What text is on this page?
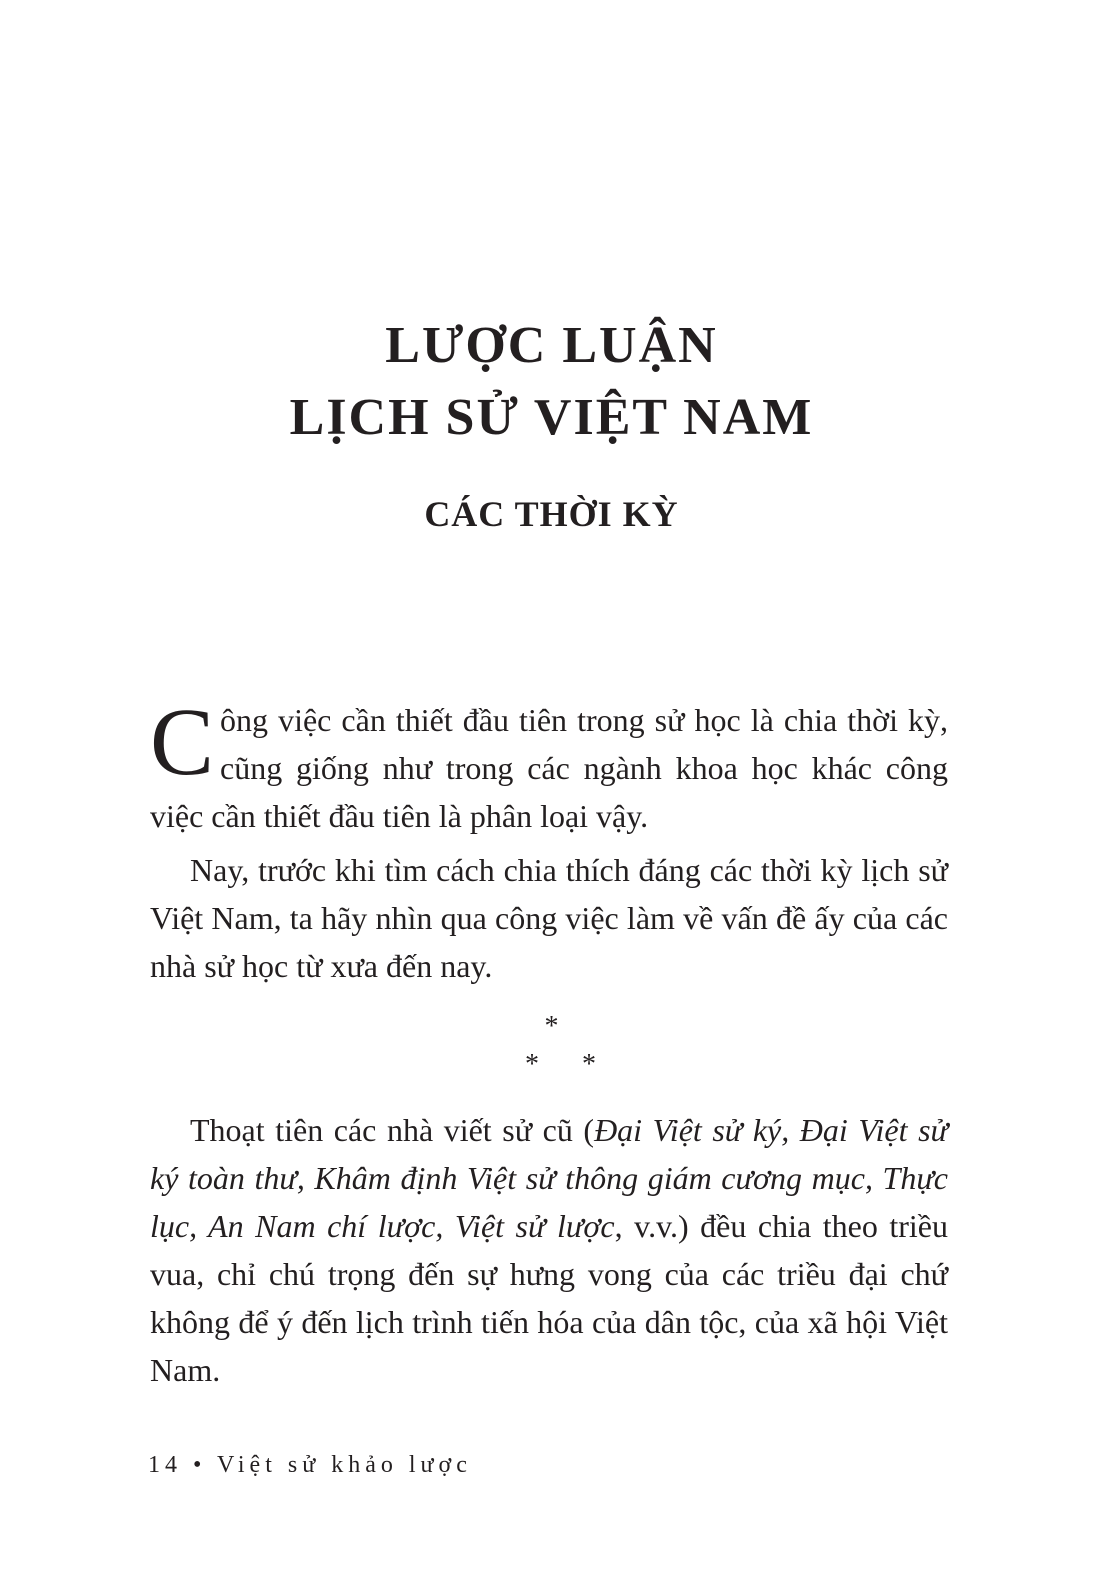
LƯỢC LUẬN
LỊCH SỬ VIỆT NAM
CÁC THỜI KỲ

Công việc cần thiết đầu tiên trong sử học là chia thời kỳ, cũng giống như trong các ngành khoa học khác công việc cần thiết đầu tiên là phân loại vậy.

Nay, trước khi tìm cách chia thích đáng các thời kỳ lịch sử Việt Nam, ta hãy nhìn qua công việc làm về vấn đề ấy của các nhà sử học từ xưa đến nay.

*
* *

Thoạt tiên các nhà viết sử cũ (Đại Việt sử ký, Đại Việt sử ký toàn thư, Khâm định Việt sử thông giám cương mục, Thực lục, An Nam chí lược, Việt sử lược, v.v.) đều chia theo triều vua, chỉ chú trọng đến sự hưng vong của các triều đại chứ không để ý đến lịch trình tiến hóa của dân tộc, của xã hội Việt Nam.

14 • Việt sử khảo lược
